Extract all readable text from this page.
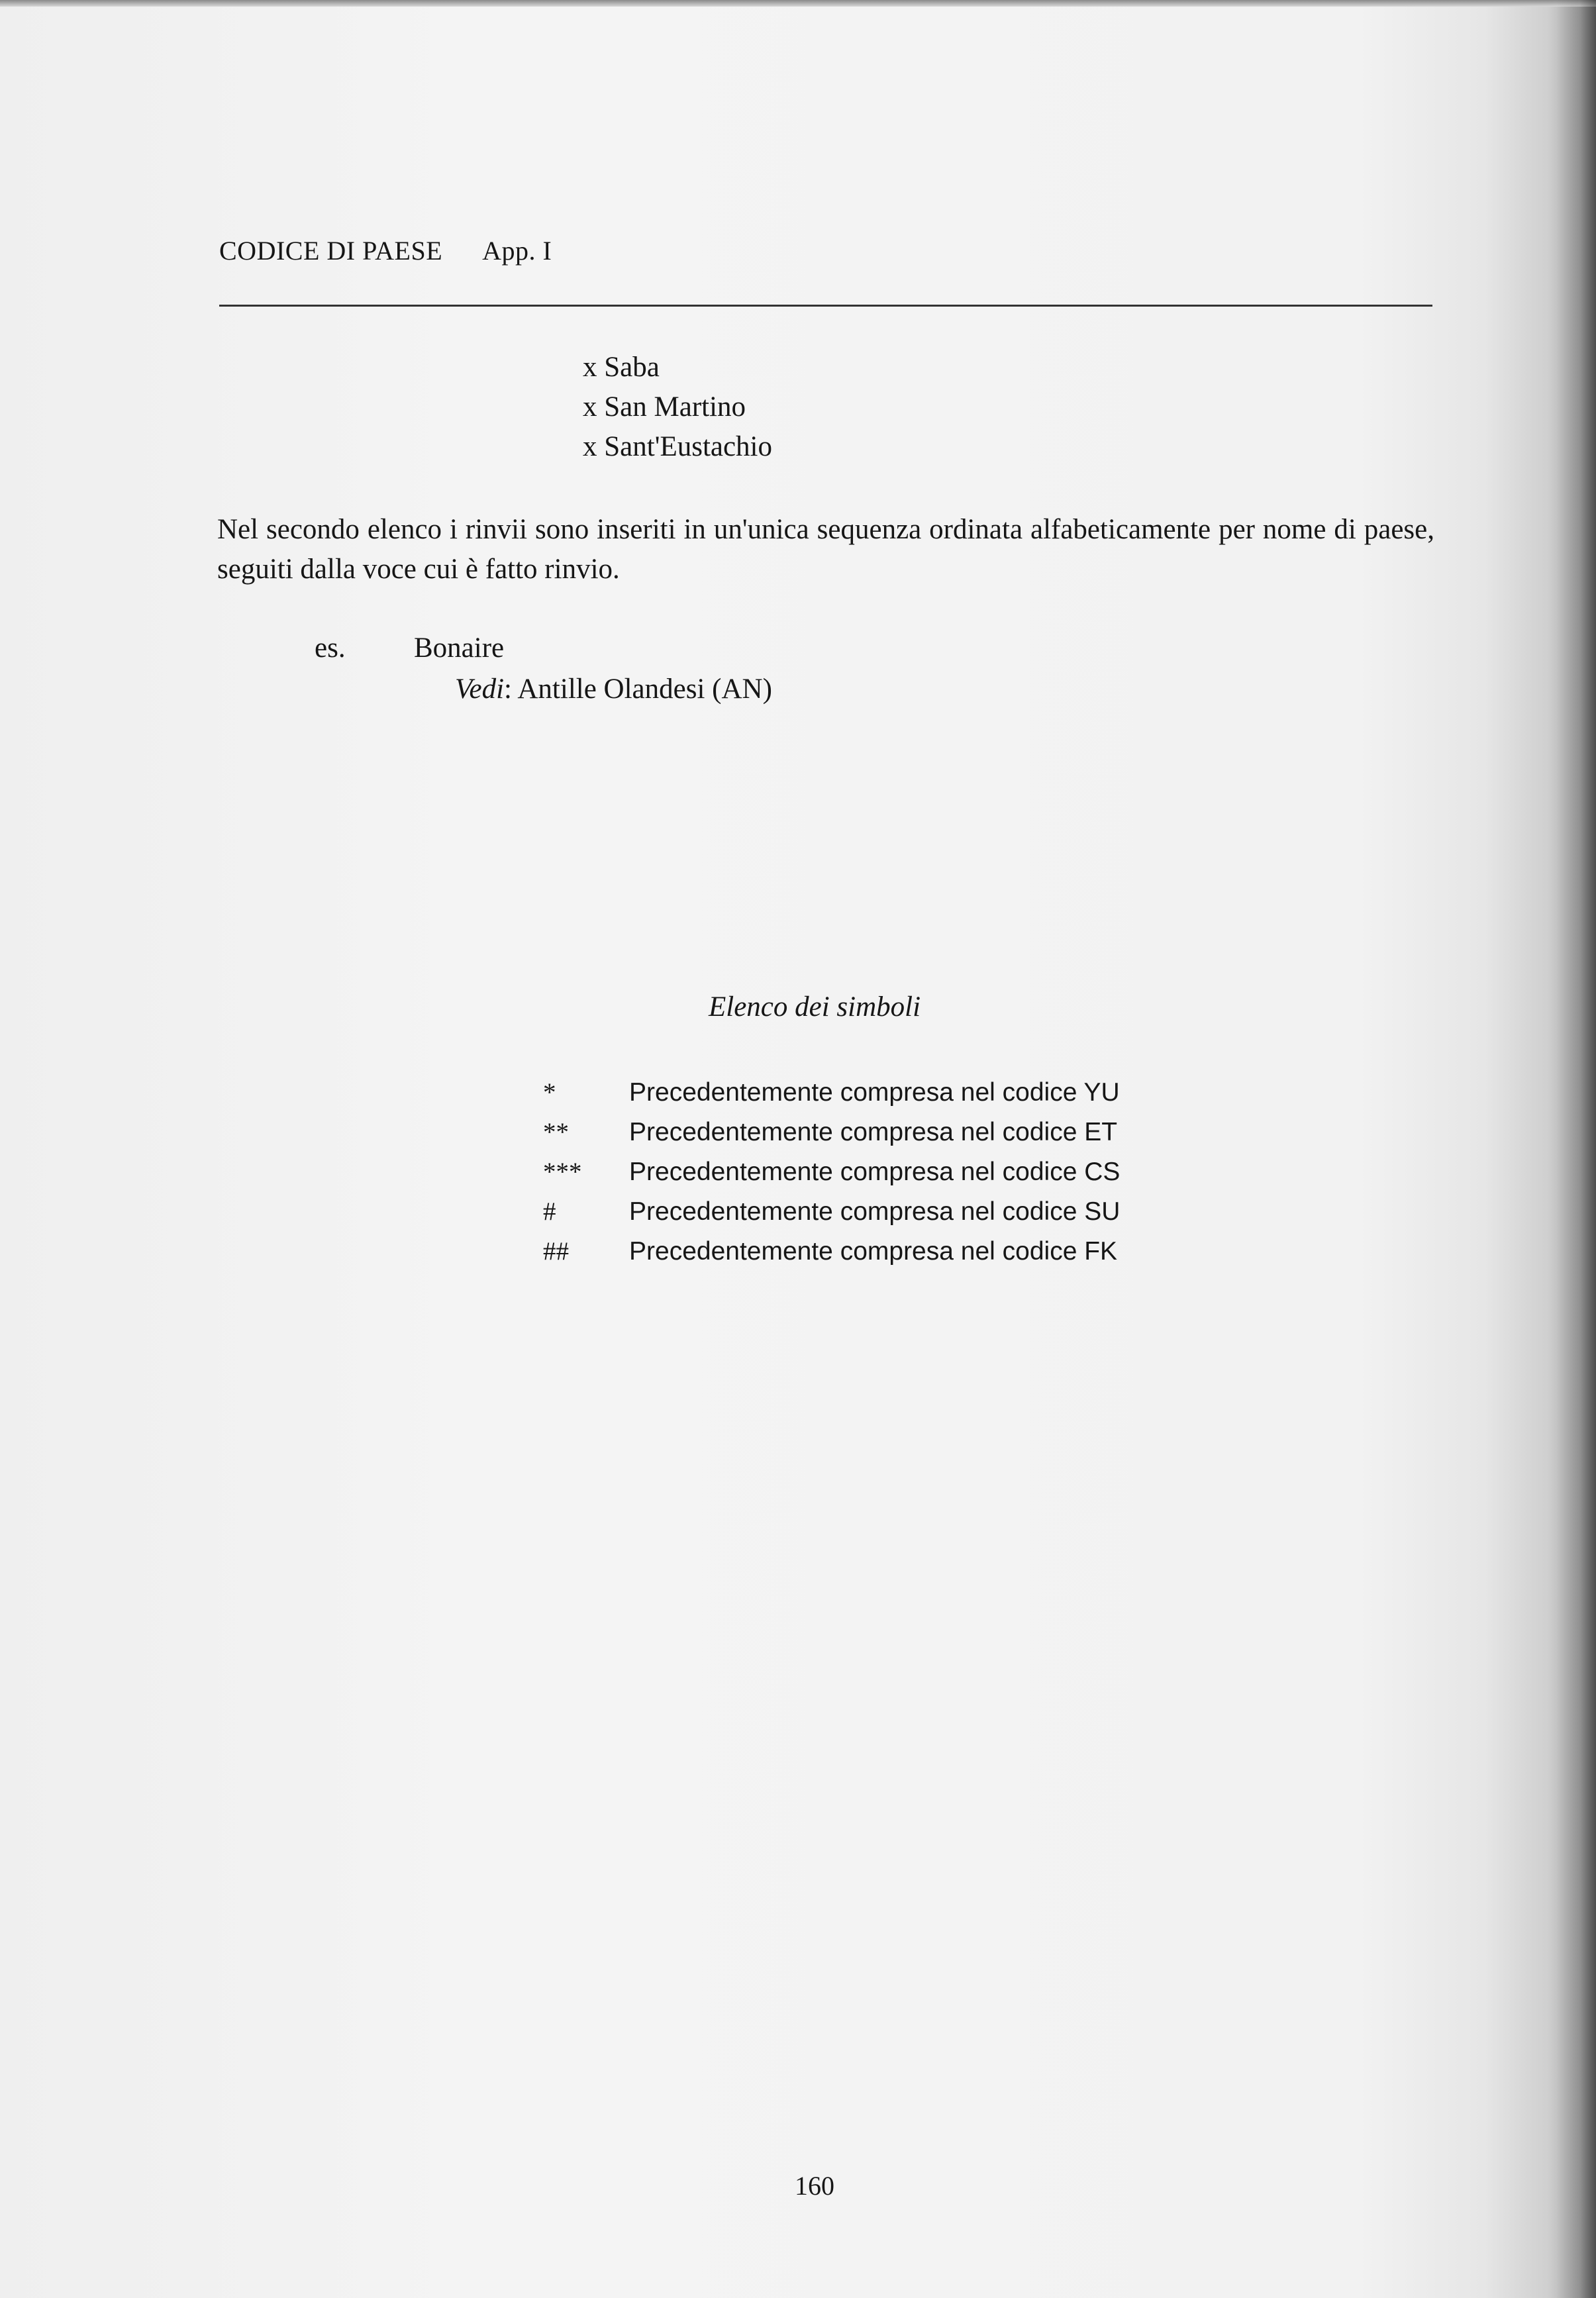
CODICE DI PAESE App. I
x Saba
x San Martino
x Sant'Eustachio
Nel secondo elenco i rinvii sono inseriti in un'unica sequenza ordinata alfabeticamente per nome di paese, seguiti dalla voce cui è fatto rinvio.
es. Bonaire
Vedi: Antille Olandesi (AN)
Elenco dei simboli
*	Precedentemente compresa nel codice YU
** Precedentemente compresa nel codice ET
*** Precedentemente compresa nel codice CS
#	Precedentemente compresa nel codice SU
## Precedentemente compresa nel codice FK
160
